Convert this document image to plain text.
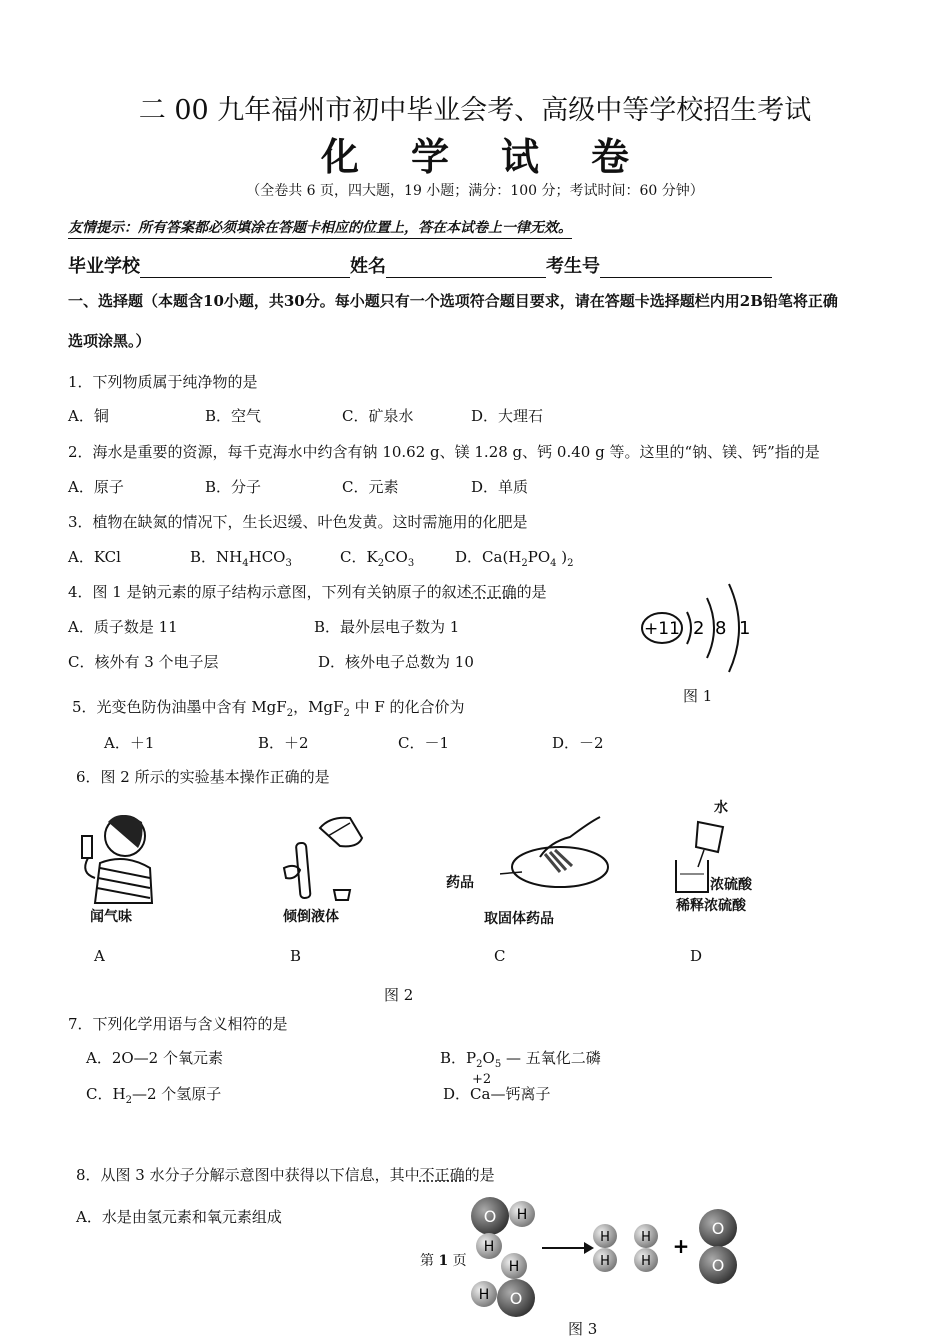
二 00 九年福州市初中毕业会考、高级中等学校招生考试
化学试卷
（全卷共 6 页，四大题，19 小题；满分：100 分；考试时间：60 分钟）
友情提示：所有答案都必须填涂在答题卡相应的位置上，答在本试卷上一律无效。
毕业学校	姓名	考生号
一、选择题（本题含10小题，共30分。每小题只有一个选项符合题目要求，请在答题卡选择题栏内用2B铅笔将正确
选项涂黑。）
1．下列物质属于纯净物的是
A．铜	B．空气	C．矿泉水	D．大理石
2．海水是重要的资源，每千克海水中约含有钠 10.62 g、镁 1.28 g、钙 0.40 g 等。这里的“钠、镁、钙”指的是
A．原子	B．分子	C．元素	D．单质
3．植物在缺氮的情况下，生长迟缓、叶色发黄。这时需施用的化肥是
A．KCl	B．$NH_4HCO_3$	C．$K_2CO_3$	D．$Ca(H_2PO_4$ )$_2$
4．图 1 是钠元素的原子结构示意图，下列有关钠原子的叙述不正确的是
A．质子数是 11	B．最外层电子数为 1
C．核外有 3 个电子层	D．核外电子总数为 10
+11 2 8 1
图 1
5．光变色防伪油墨中含有 MgF$_2$，MgF$_2$ 中 F 的化合价为
A．＋1	B．＋2	C．－1	D．－2
6．图 2 所示的实验基本操作正确的是
闻气味	倾倒液体
药品
取固体药品
水
浓硫酸
稀释浓硫酸
A	B	C	D
图 2
7．下列化学用语与含义相符的是
A．2O—2 个氧元素	B．$P_2O_5$ — 五氧化二磷
C．$H_2—2$ 个氢原子	D．
+2
Ca—钙离子
8．从图 3 水分子分解示意图中获得以下信息，其中不正确的是
A．水是由氢元素和氧元素组成	O H
H
H
O
H
H
H
H
H
+
O
O
第 1 页
图 3
